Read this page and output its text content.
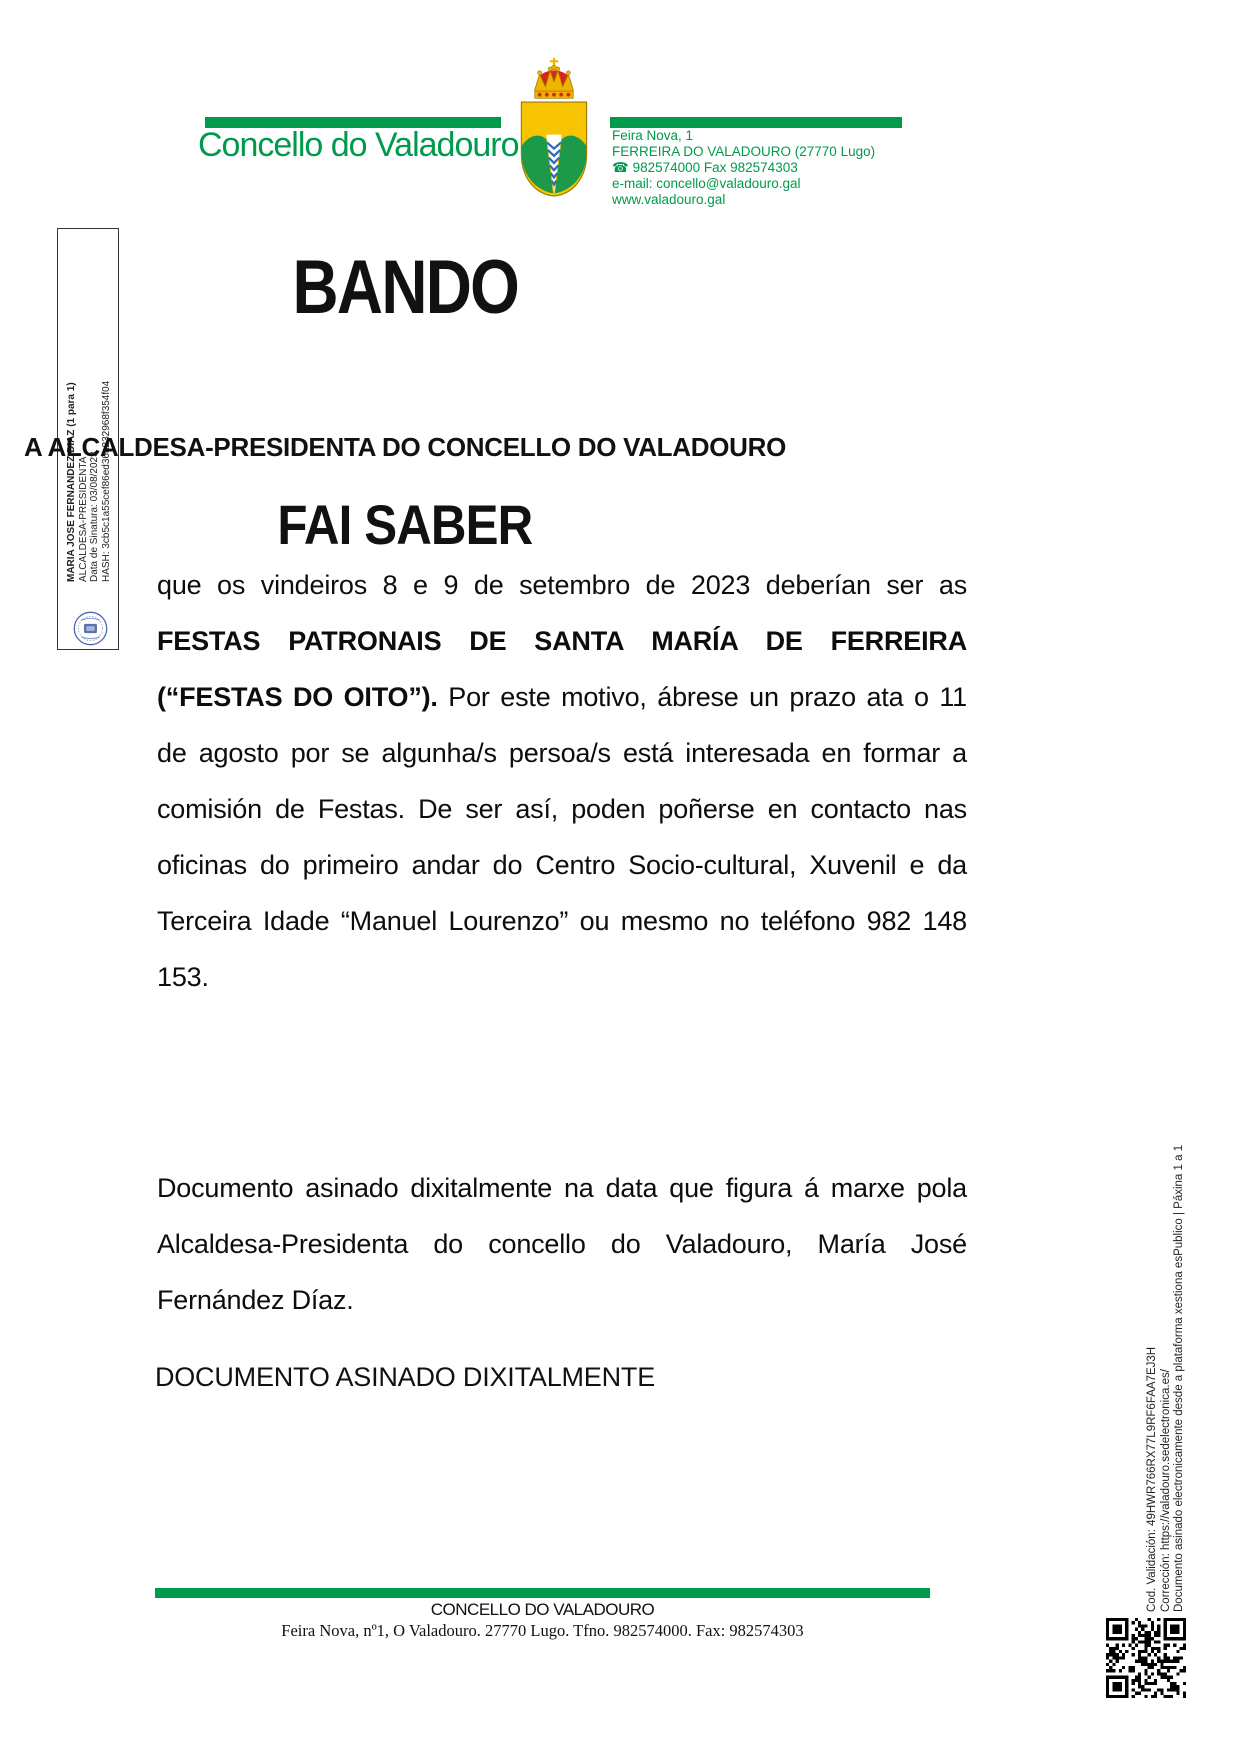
Concello do Valadouro	Feira Nova, 1
FERREIRA DO VALADOURO (27770 Lugo)
☎ 982574000 Fax 982574303
e-mail: concello@valadouro.gal
www.valadouro.gal
MARIA JOSE FERNANDEZ DIAZ (1 para 1) ALCALDESA-PRESIDENTA Data de Sinatura: 03/08/2023 HASH: 3cb5c1a55cef86ed36a232968f354f04
BANDO
A ALCALDESA-PRESIDENTA DO CONCELLO DO VALADOURO
FAI SABER

que os vindeiros 8 e 9 de setembro de 2023 deberían ser as FESTAS PATRONAIS DE SANTA MARÍA DE FERREIRA (“FESTAS DO OITO”). Por este motivo, ábrese un prazo ata o 11 de agosto por se algunha/s persoa/s está interesada en formar a comisión de Festas. De ser así, poden poñerse en contacto nas oficinas do primeiro andar do Centro Socio-cultural, Xuvenil e da Terceira Idade “Manuel Lourenzo” ou mesmo no teléfono 982 148 153.

Documento asinado dixitalmente na data que figura á marxe pola Alcaldesa-Presidenta do concello do Valadouro, María José Fernández Díaz.

DOCUMENTO ASINADO DIXITALMENTE	Cod. Validación: 49HWR766RX77L9RF6FAA7EJ3H Corrección: https://valadouro.sedelectronica.es/ Documento asinado electronicamente desde a plataforma xestiona esPublico | Páxina 1 a 1
CONCELLO DO VALADOURO
Feira Nova, nº1, O Valadouro. 27770 Lugo. Tfno. 982574000. Fax: 982574303
